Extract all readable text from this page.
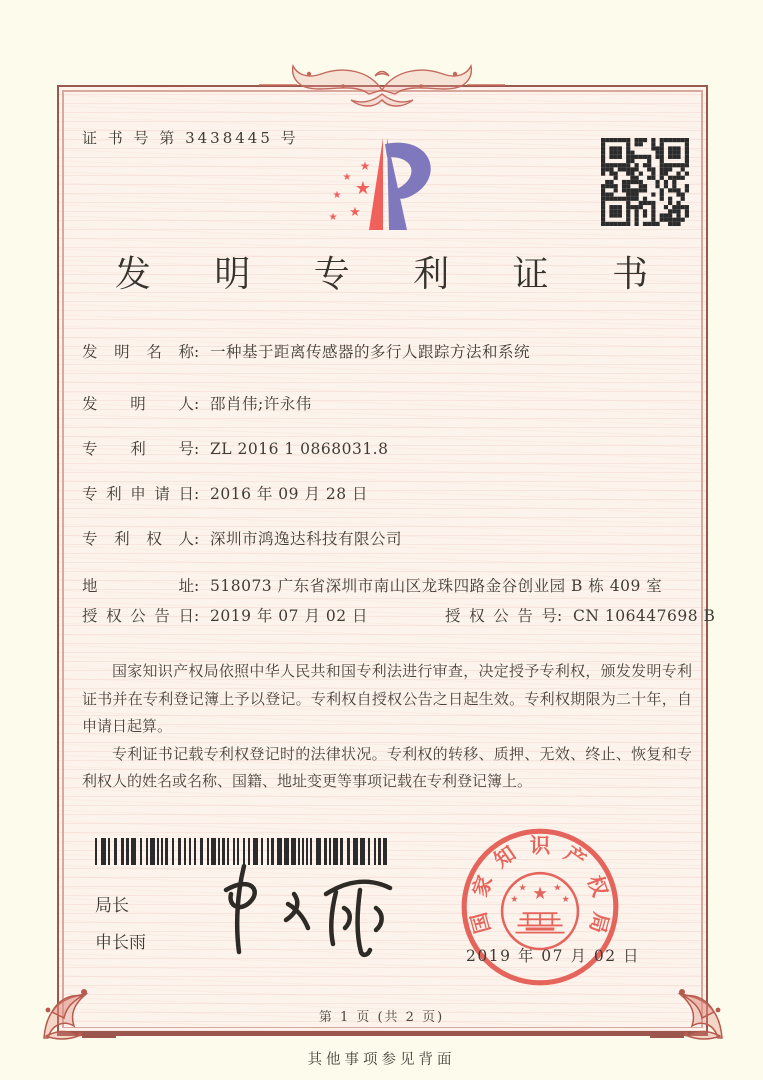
证 书 号 第 3438445 号
★
★
★
★
★
★
发 明 专 利 证 书
发明名称: 一种基于距离传感器的多行人跟踪方法和系统
发明人: 邵肖伟;许永伟
专利号: ZL 2016 1 0868031.8
专利申请日: 2016 年 09 月 28 日
专利权人: 深圳市鸿逸达科技有限公司
地址: 518073 广东省深圳市南山区龙珠四路金谷创业园 B 栋 409 室
授权公告日: 2019 年 07 月 02 日	授权公告号: CN 106447698 B

国家知识产权局依照中华人民共和国专利法进行审查，决定授予专利权，颁发发明专利证书并在专利登记簿上予以登记。专利权自授权公告之日起生效。专利权期限为二十年，自申请日起算。

专利证书记载专利权登记时的法律状况。专利权的转移、质押、无效、终止、恢复和专利权人的姓名或名称、国籍、地址变更等事项记载在专利登记簿上。

局长
申长雨
国
家
知 识 产
权
局
★
★	★
★	★
2019 年 07 月 02 日
第 1 页 (共 2 页)
其他事项参见背面
